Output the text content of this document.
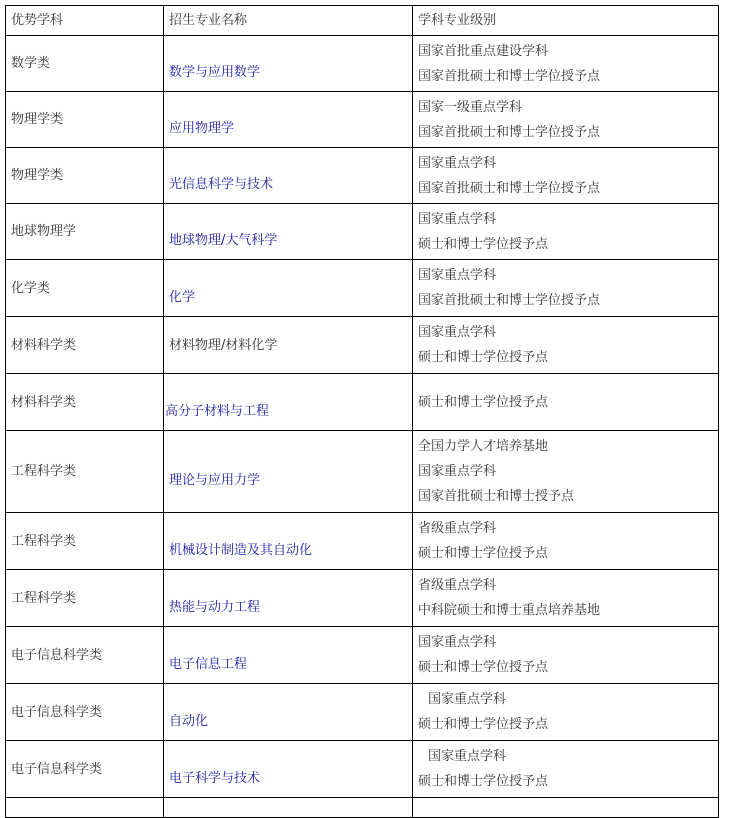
优势学科	招生专业名称	学科专业级别
数学类	数学与应用数学	国家首批重点建设学科
国家首批硕士和博士学位授予点

物理学类	应用物理学	国家一级重点学科
国家首批硕士和博士学位授予点

物理学类	光信息科学与技术	国家重点学科
国家首批硕士和博士学位授予点

地球物理学	地球物理/大气科学	国家重点学科
硕士和博士学位授予点

化学类	化学	国家重点学科
国家首批硕士和博士学位授予点

材料科学类	材料物理/材料化学	国家重点学科
硕士和博士学位授予点

材料科学类	高分子材料与工程	硕士和博士学位授予点

工程科学类	理论与应用力学	全国力学人才培养基地
国家重点学科
国家首批硕士和博士授予点

工程科学类	机械设计制造及其自动化	省级重点学科
硕士和博士学位授予点

工程科学类	热能与动力工程	省级重点学科
中科院硕士和博士重点培养基地

电子信息科学类	电子信息工程	国家重点学科
硕士和博士学位授予点

电子信息科学类	自动化	国家重点学科
硕士和博士学位授予点

电子信息科学类	电子科学与技术	国家重点学科
硕士和博士学位授予点
